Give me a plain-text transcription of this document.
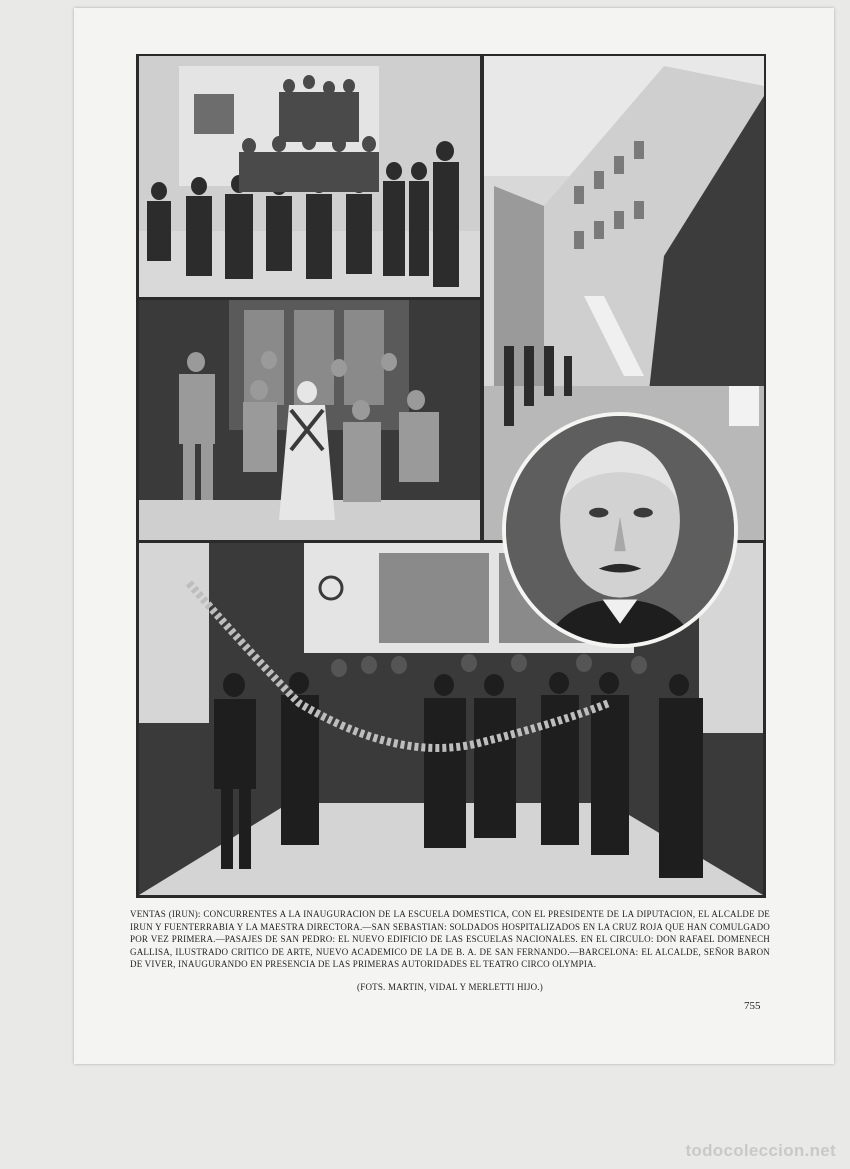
VENTAS (IRUN): CONCURRENTES A LA INAUGURACION DE LA ESCUELA DOMESTICA, CON EL PRESIDENTE DE LA DIPUTACION, EL ALCALDE DE IRUN Y FUENTERRABIA Y LA MAESTRA DIRECTORA.—SAN SEBASTIAN: SOLDADOS HOSPITALIZADOS EN LA CRUZ ROJA QUE HAN COMULGADO POR VEZ PRIMERA.—PASAJES DE SAN PEDRO: EL NUEVO EDIFICIO DE LAS ESCUELAS NACIONALES. EN EL CIRCULO: DON RAFAEL DOMENECH GALLISA, ILUSTRADO CRITICO DE ARTE, NUEVO ACADEMICO DE LA DE B. A. DE SAN FERNANDO.—BARCELONA: EL ALCALDE, SEÑOR BARON DE VIVER, INAUGURANDO EN PRESENCIA DE LAS PRIMERAS AUTORIDADES EL TEATRO CIRCO OLYMPIA.
(FOTS. MARTIN, VIDAL Y MERLETTI HIJO.)
755
todocoleccion.net
